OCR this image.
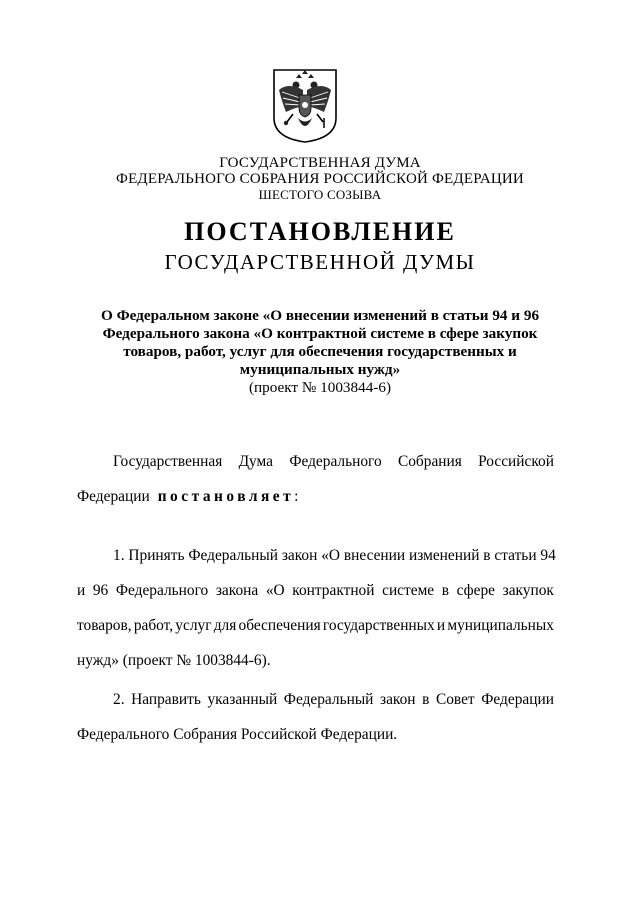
ГОСУДАРСТВЕННАЯ ДУМА
ФЕДЕРАЛЬНОГО СОБРАНИЯ РОССИЙСКОЙ ФЕДЕРАЦИИ
ШЕСТОГО СОЗЫВА
ПОСТАНОВЛЕНИЕ
ГОСУДАРСТВЕННОЙ ДУМЫ
О Федеральном законе «О внесении изменений в статьи 94 и 96
Федерального закона «О контрактной системе в сфере закупок
товаров, работ, услуг для обеспечения государственных и
муниципальных нужд»
(проект № 1003844-6)
Государственная Дума Федерального Собрания Российской
Федерации постановляет :
1. Принять Федеральный закон «О внесении изменений в статьи 94
и 96 Федерального закона «О контрактной системе в сфере закупок
товаров, работ, услуг для обеспечения государственных и муниципальных
нужд» (проект № 1003844-6).
2. Направить указанный Федеральный закон в Совет Федерации
Федерального Собрания Российской Федерации.
